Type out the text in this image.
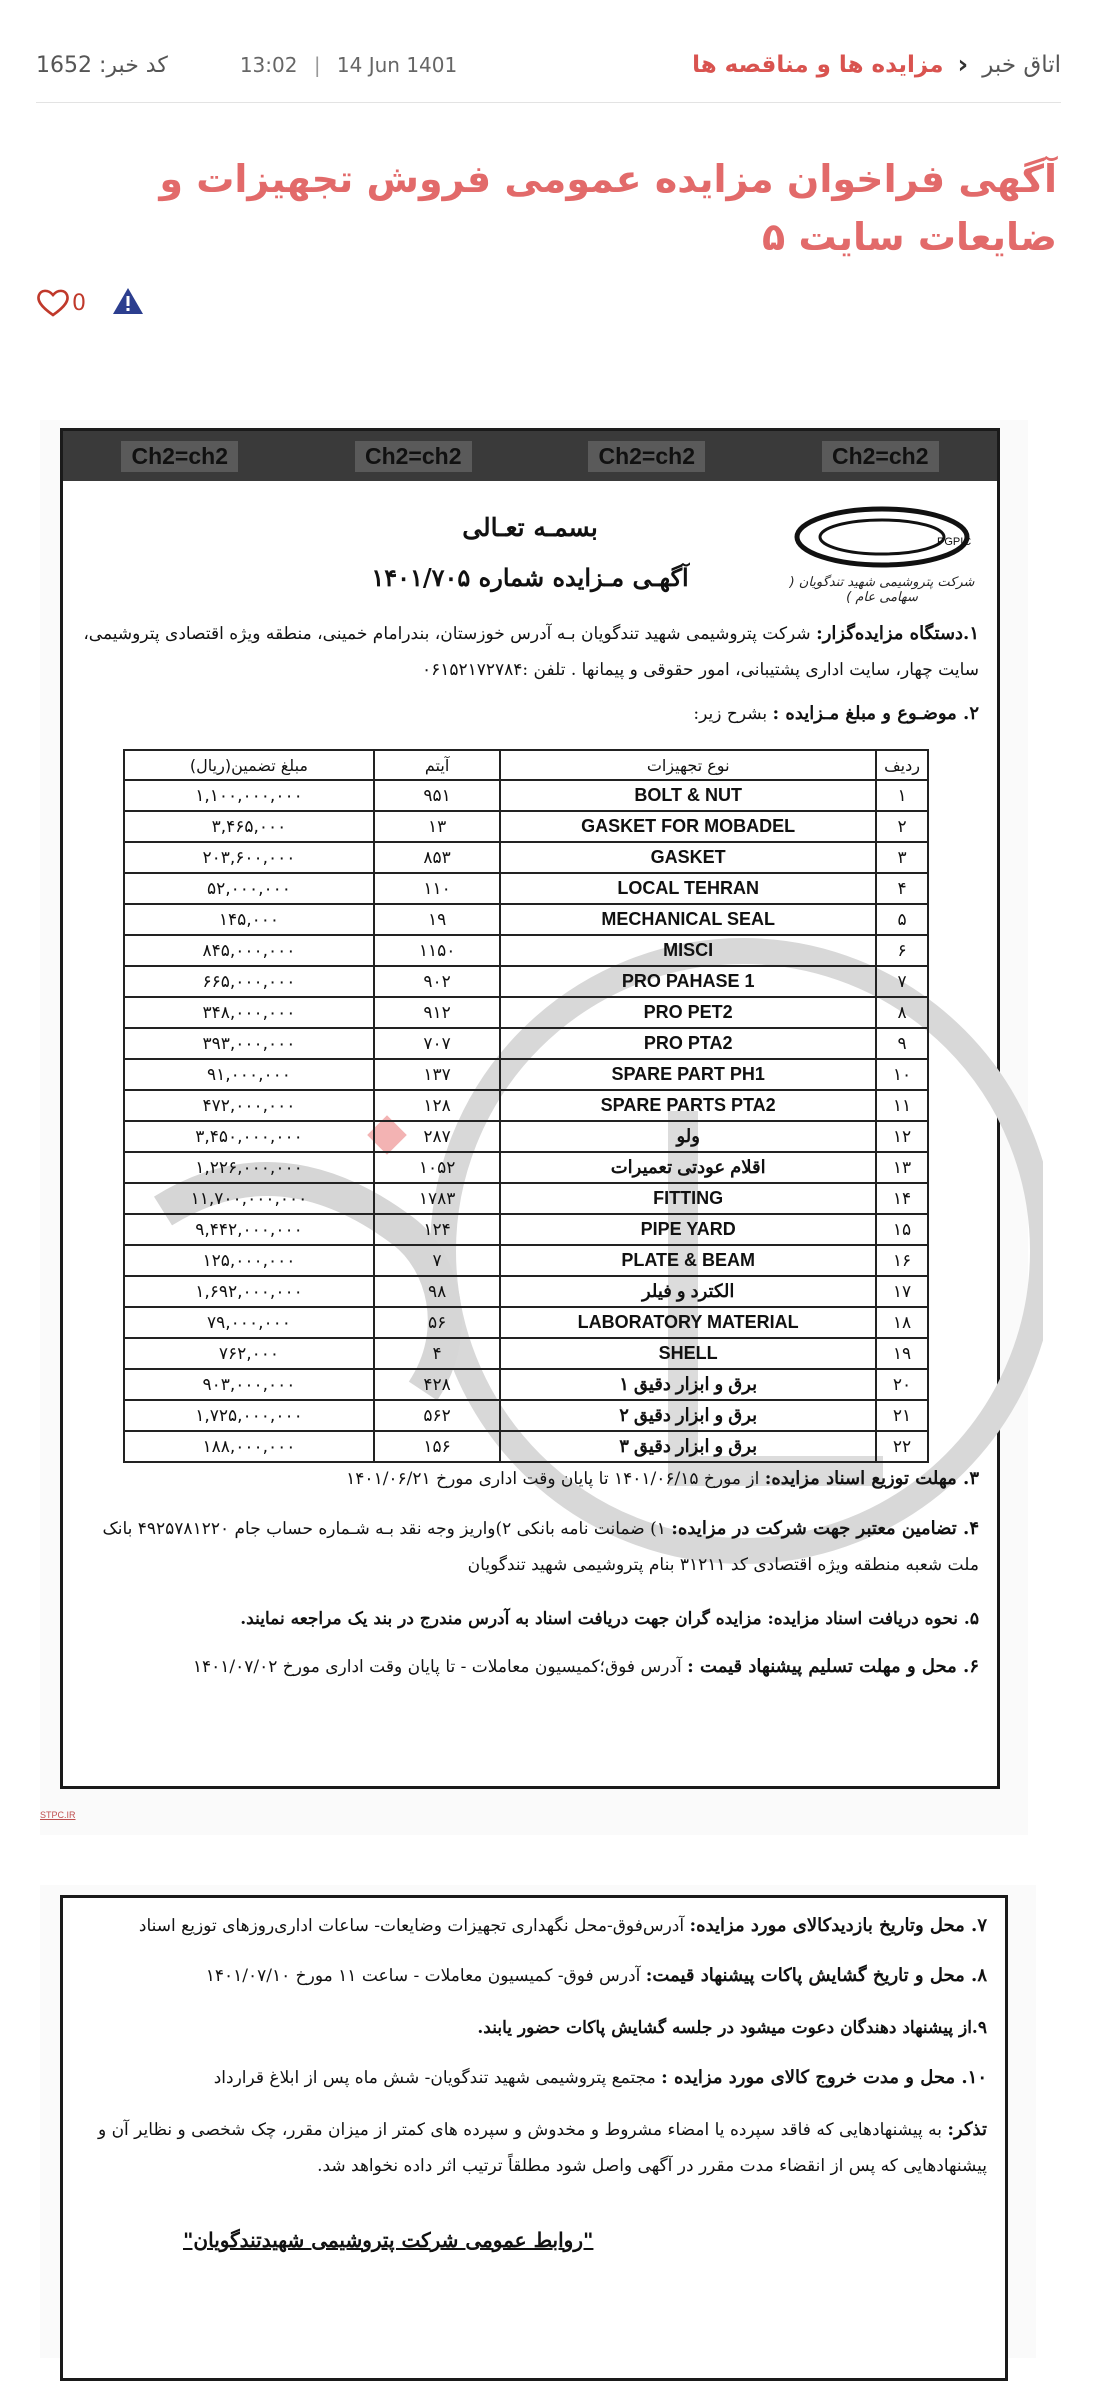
کد خبر: 1652	13:02 | 14 Jun 1401	اتاق خبر
‹
مزایده ها و مناقصه ها
آگهی فراخوان مزایده عمومی فروش تجهیزات و ضایعات سایت ۵
0
Ch2=ch2	Ch2=ch2	Ch2=ch2	Ch2=ch2
بسمـه تعـالی
آگهـی مـزایده شماره ۱۴۰۱/۷۰۵
PGPIC
شرکت پتروشیمی شهید تندگویان ( سهامی عام )
۱.دستگاه مزایده‌گزار: شرکت پتروشیمی شهید تندگویان بـه آدرس خوزستان، بندرامام خمینی، منطقه ویژه اقتصادی پتروشیمی، سایت چهار، سایت اداری پشتیبانی، امور حقوقی و پیمانها . تلفن :۰۶۱۵۲۱۷۲۷۸۴
۲. موضـوع و مبلغ مـزایده : بشرح زیر:
ردیف	نوع تجهیزات	آیتم	مبلغ تضمین(ریال)
۱	BOLT & NUT	۹۵۱	۱,۱۰۰,۰۰۰,۰۰۰
۲	GASKET FOR MOBADEL	۱۳	۳,۴۶۵,۰۰۰
۳	GASKET	۸۵۳	۲۰۳,۶۰۰,۰۰۰
۴	LOCAL TEHRAN	۱۱۰	۵۲,۰۰۰,۰۰۰
۵	MECHANICAL SEAL	۱۹	۱۴۵,۰۰۰
۶	MISCI	۱۱۵۰	۸۴۵,۰۰۰,۰۰۰
۷	PRO PAHASE 1	۹۰۲	۶۶۵,۰۰۰,۰۰۰
۸	PRO PET2	۹۱۲	۳۴۸,۰۰۰,۰۰۰
۹	PRO PTA2	۷۰۷	۳۹۳,۰۰۰,۰۰۰
۱۰	SPARE PART PH1	۱۳۷	۹۱,۰۰۰,۰۰۰
۱۱	SPARE PARTS PTA2	۱۲۸	۴۷۲,۰۰۰,۰۰۰
۱۲	ولو	۲۸۷	۳,۴۵۰,۰۰۰,۰۰۰
۱۳	اقلام عودتی تعمیرات	۱۰۵۲	۱,۲۲۶,۰۰۰,۰۰۰
۱۴	FITTING	۱۷۸۳	۱۱,۷۰۰,۰۰۰,۰۰۰
۱۵	PIPE YARD	۱۲۴	۹,۴۴۲,۰۰۰,۰۰۰
۱۶	PLATE & BEAM	۷	۱۲۵,۰۰۰,۰۰۰
۱۷	الکترد و فیلر	۹۸	۱,۶۹۲,۰۰۰,۰۰۰
۱۸	LABORATORY MATERIAL	۵۶	۷۹,۰۰۰,۰۰۰
۱۹	SHELL	۴	۷۶۲,۰۰۰
۲۰	برق و ابزار دقیق ۱	۴۲۸	۹۰۳,۰۰۰,۰۰۰
۲۱	برق و ابزار دقیق ۲	۵۶۲	۱,۷۲۵,۰۰۰,۰۰۰
۲۲	برق و ابزار دقیق ۳	۱۵۶	۱۸۸,۰۰۰,۰۰۰
۳. مهلت توزیع اسناد مزایده: از مورخ ۱۴۰۱/۰۶/۱۵ تا پایان وقت اداری مورخ ۱۴۰۱/۰۶/۲۱
۴. تضامین معتبر جهت شرکت در مزایده: ۱) ضمانت نامه بانکی ۲)واریز وجه نقد بـه شـماره حساب جام ۴۹۲۵۷۸۱۲۲۰ بانک ملت شعبه منطقه ویژه اقتصادی کد ۳۱۲۱۱ بنام پتروشیمی شهید تندگویان
۵. نحوه دریافت اسناد مزایده: مزایده گران جهت دریافت اسناد به آدرس مندرج در بند یک مراجعه نمایند.
۶. محل و مهلت تسلیم پیشنهاد قیمت : آدرس فوق؛کمیسیون معاملات - تا پایان وقت اداری مورخ ۱۴۰۱/۰۷/۰۲
STPC.IR
۷. محل وتاریخ بازدیدکالای مورد مزایده: آدرس‌فوق-محل نگهداری تجهیزات وضایعات- ساعات اداری‌روزهای توزیع اسناد
۸. محل و تاریخ گشایش پاکات پیشنهاد قیمت: آدرس فوق- کمیسیون معاملات - ساعت ۱۱ مورخ ۱۴۰۱/۰۷/۱۰
۹.از پیشنهاد دهندگان دعوت میشود در جلسه گشایش پاکات حضور یابند.
۱۰. محل و مدت خروج کالای مورد مزایده : مجتمع پتروشیمی شهید تندگویان- شش ماه پس از ابلاغ قرارداد
تذکر: به پیشنهادهایی که فاقد سپرده یا امضاء مشروط و مخدوش و سپرده های کمتر از میزان مقرر، چک شخصی و نظایر آن و پیشنهادهایی که پس از انقضاء مدت مقرر در آگهی واصل شود مطلقاً ترتیب اثر داده نخواهد شد.
"روابط عمومی شرکت پتروشیمی شهیدتندگویان"
